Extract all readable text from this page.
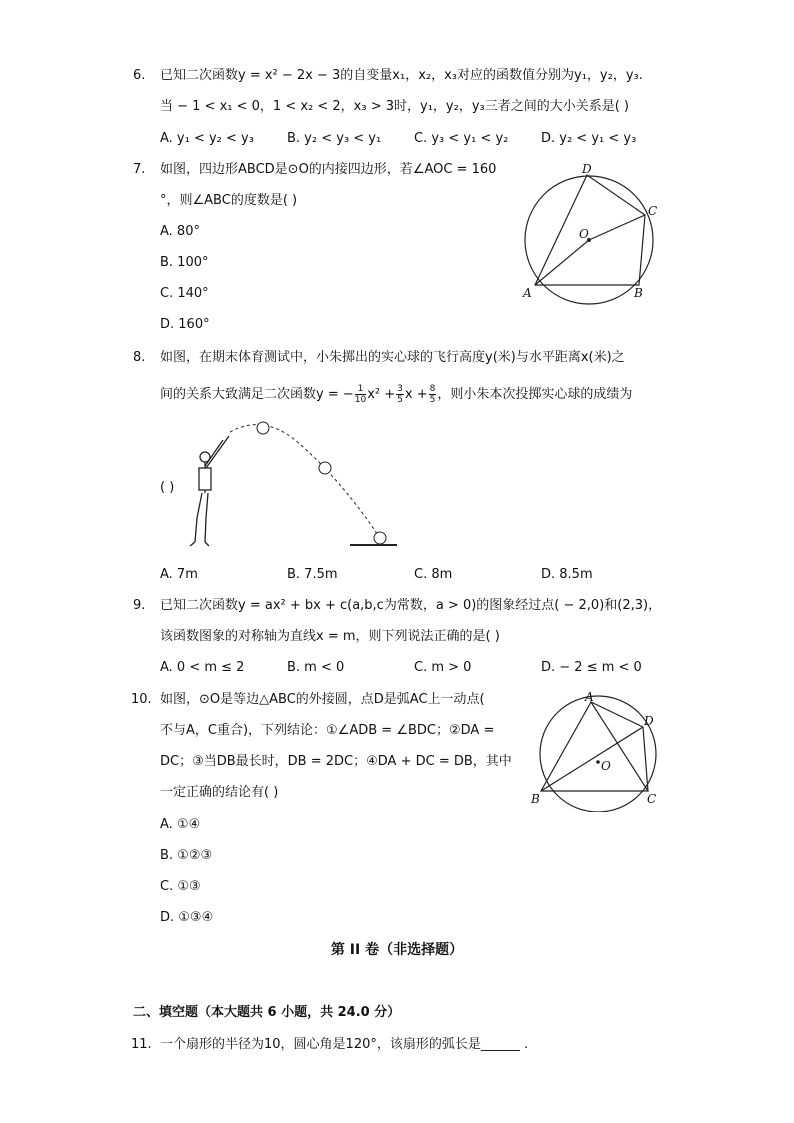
6. 已知二次函数y = x² − 2x − 3的自变量x₁，x₂，x₃对应的函数值分别为y₁，y₂，y₃.
当 − 1 < x₁ < 0，1 < x₂ < 2，x₃ > 3时，y₁，y₂，y₃三者之间的大小关系是( )
A. y₁ < y₂ < y₃	B. y₂ < y₃ < y₁	C. y₃ < y₁ < y₂	D. y₂ < y₁ < y₃
7. 如图，四边形ABCD是⊙O的内接四边形，若∠AOC = 160
°，则∠ABC的度数是( )
A. 80°
B. 100°
C. 140°
D. 160°
D
C
O
A	B
8. 如图，在期末体育测试中，小朱掷出的实心球的飞行高度y(米)与水平距离x(米)之
间的关系大致满足二次函数y = − $\frac{1}{10} x^2 + \frac{3}{5}$ $x + \frac{8}{5}$ ，则小朱本次投掷实心球的成绩为
( )
A. 7m	B. 7.5m	C. 8m	D. 8.5m
9. 已知二次函数y = ax² + bx + c(a,b,c为常数，a > 0)的图象经过点( − 2,0)和(2,3)，
该函数图象的对称轴为直线x = m，则下列说法正确的是( )
A. 0 < m ≤ 2	B. m < 0	C. m > 0	D. − 2 ≤ m < 0
10. 如图，⊙O是等边△ABC的外接圆，点D是弧AC上一动点(
不与A，C重合)，下列结论：①∠ADB = ∠BDC；②DA =
DC；③当DB最长时，DB = 2DC；④DA + DC = DB，其中
一定正确的结论有( )
A. ①④
B. ①②③
C. ①③
D. ①③④
A
D
O
B	C
第 II 卷（非选择题）
二、填空题（本大题共 6 小题，共 24.0 分）
11. 一个扇形的半径为10，圆心角是120°，该扇形的弧长是______ .
